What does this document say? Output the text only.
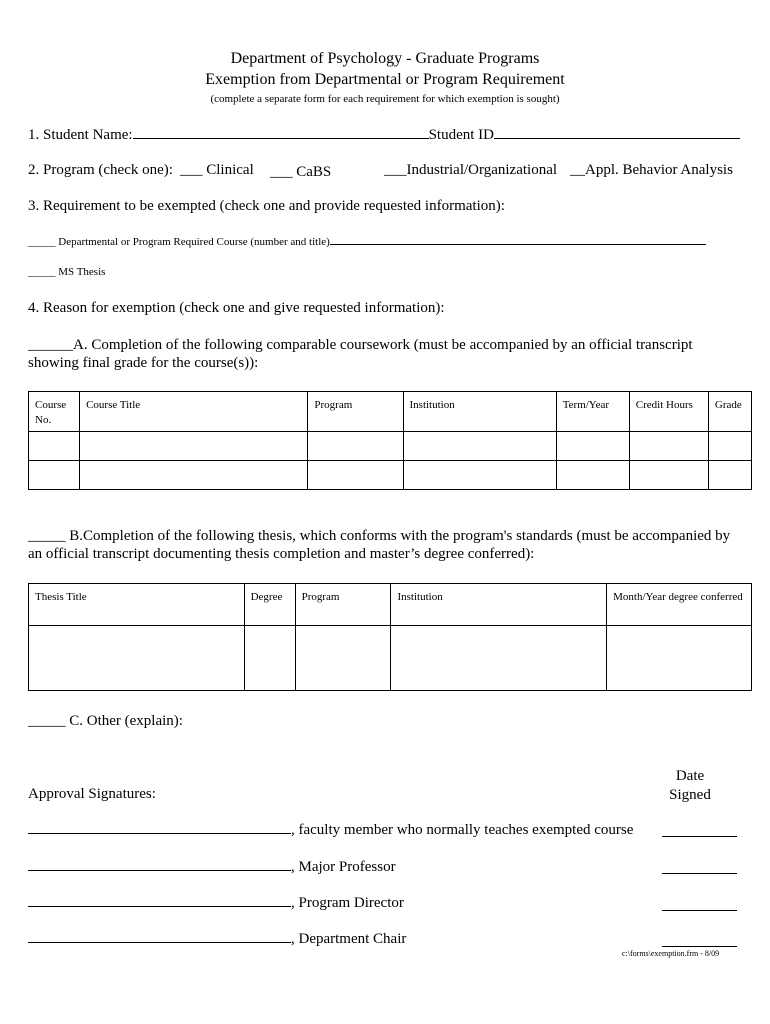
Department of Psychology - Graduate Programs
Exemption from Departmental or Program Requirement
(complete a separate form for each requirement for which exemption is sought)
1. Student Name:	Student ID
2. Program (check one): ___ Clinical ___ CaBS	___Industrial/Organizational __Appl. Behavior Analysis
3. Requirement to be exempted (check one and provide requested information):
_____ Departmental or Program Required Course (number and title)
_____ MS Thesis
4. Reason for exemption (check one and give requested information):
______A. Completion of the following comparable coursework (must be accompanied by an official transcript
showing final grade for the course(s)):
Course No.	Course Title	Program	Institution	Term/Year	Credit Hours	Grade

_____ B.Completion of the following thesis, which conforms with the program's standards (must be accompanied by
an official transcript documenting thesis completion and master’s degree conferred):
Thesis Title	Degree	Program	Institution	Month/Year degree conferred

_____ C. Other (explain):
Approval Signatures:
Date Signed
, faculty member who normally teaches exempted course
, Major Professor
, Program Director
, Department Chair
c:\forms\exemption.frm - 8/09
